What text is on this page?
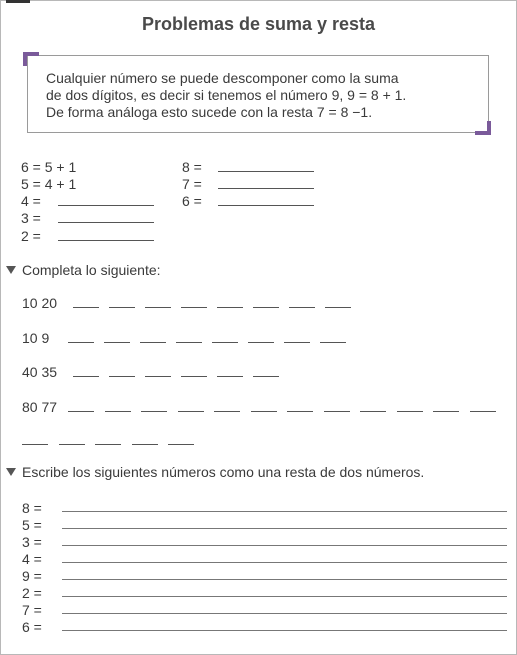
Problemas de suma y resta
Cualquier número se puede descomponer como la suma
de dos dígitos, es decir si tenemos el número 9, 9 = 8 + 1.
De forma análoga esto sucede con la resta 7 = 8 −1.
6 = 5 + 1
5 = 4 + 1
4 =
3 =
2 =
8 =
7 =
6 =
Completa lo siguiente:
10 20
10 9
40 35
80 77
Escribe los siguientes números como una resta de dos números.
8 =
5 =
3 =
4 =
9 =
2 =
7 =
6 =
